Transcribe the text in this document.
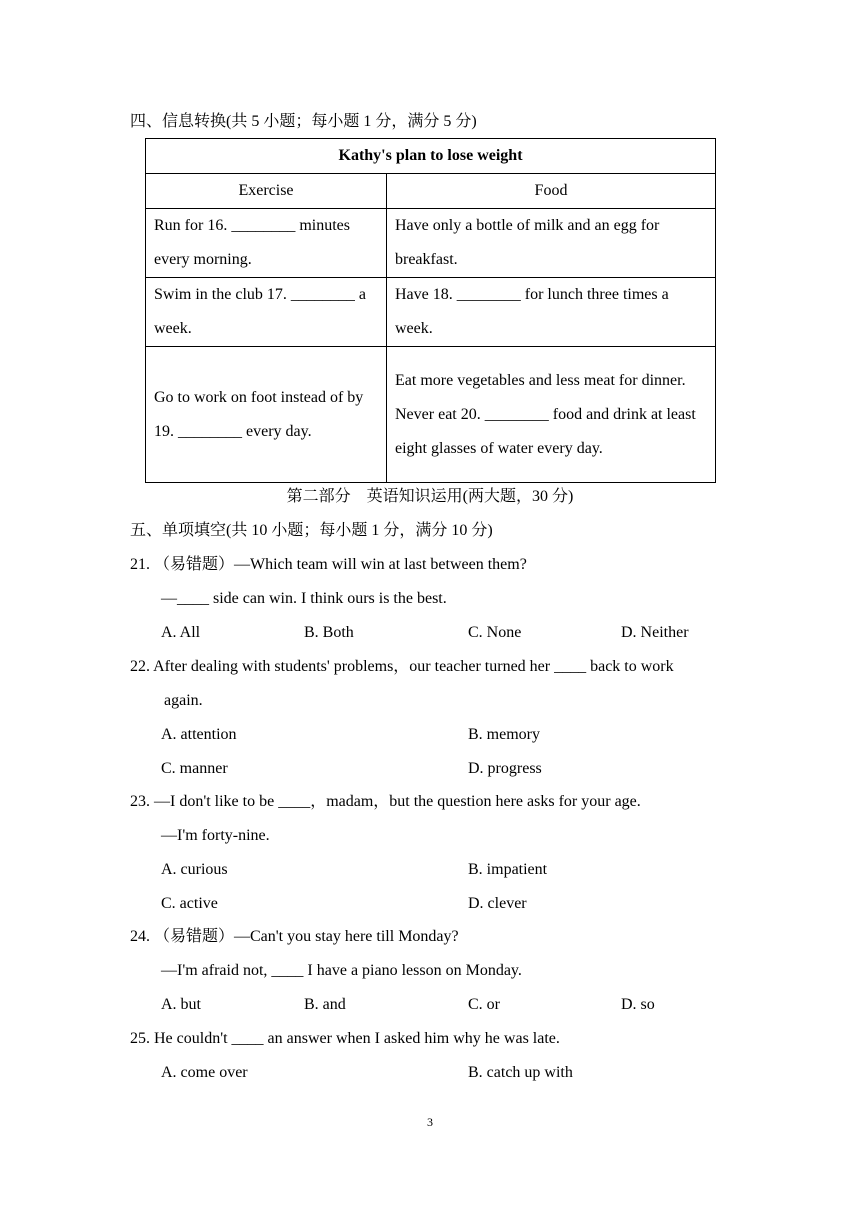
四、信息转换(共 5 小题；每小题 1 分，满分 5 分)
Kathy's plan to lose weight	
Exercise	Food

Run for 16. ________ minutes every morning.	Have only a bottle of milk and an egg for breakfast.

Swim in the club 17. ________ a week.	Have 18. ________ for lunch three times a week.

Go to work on foot instead of by 19. ________ every day.	Eat more vegetables and less meat for dinner.
Never eat 20. ________ food and drink at least eight glasses of water every day.
第二部分　英语知识运用(两大题，30 分)
五、单项填空(共 10 小题；每小题 1 分，满分 10 分)
21. （易错题）—Which team will win at last between them?
—____ side can win. I think ours is the best.
A. All	B. Both	C. None	D. Neither
22. After dealing with students' problems，our teacher turned her ____ back to work
again.
A. attention	B. memory
C. manner	D. progress
23. —I don't like to be ____，madam，but the question here asks for your age.
—I'm forty-nine.
A. curious	B. impatient
C. active	D. clever
24. （易错题）—Can't you stay here till Monday?
—I'm afraid not, ____ I have a piano lesson on Monday.
A. but	B. and	C. or	D. so
25. He couldn't ____ an answer when I asked him why he was late.
A. come over	B. catch up with
3
